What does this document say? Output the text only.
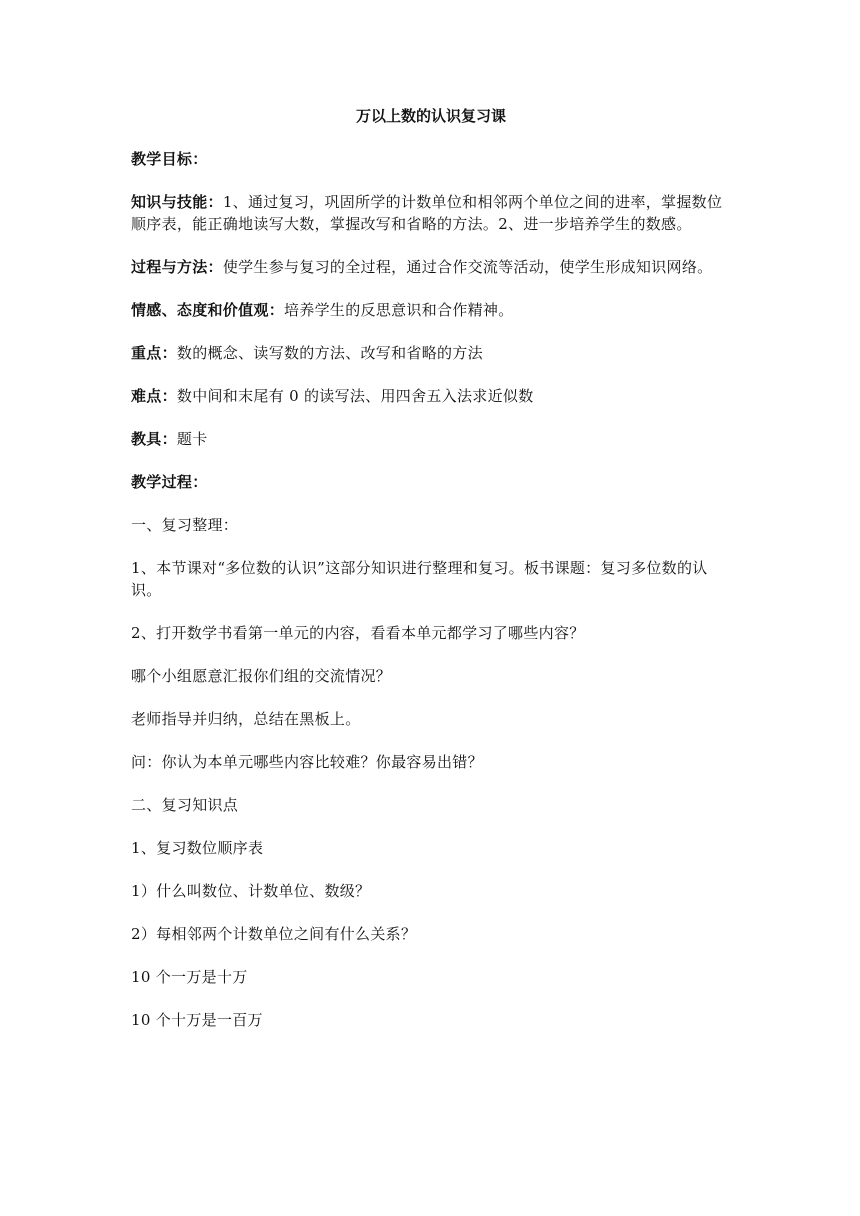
万以上数的认识复习课
教学目标：
知识与技能：1、通过复习，巩固所学的计数单位和相邻两个单位之间的进率，掌握数位顺序表，能正确地读写大数，掌握改写和省略的方法。2、进一步培养学生的数感。
过程与方法：使学生参与复习的全过程，通过合作交流等活动，使学生形成知识网络。
情感、态度和价值观：培养学生的反思意识和合作精神。
重点：数的概念、读写数的方法、改写和省略的方法
难点：数中间和末尾有 0 的读写法、用四舍五入法求近似数
教具：题卡
教学过程：
一、复习整理：
1、本节课对“多位数的认识”这部分知识进行整理和复习。板书课题：复习多位数的认识。
2、打开数学书看第一单元的内容，看看本单元都学习了哪些内容？
哪个小组愿意汇报你们组的交流情况？
老师指导并归纳，总结在黑板上。
问：你认为本单元哪些内容比较难？你最容易出错？
二、复习知识点
1、复习数位顺序表
1）什么叫数位、计数单位、数级？
2）每相邻两个计数单位之间有什么关系？
10 个一万是十万
10 个十万是一百万
